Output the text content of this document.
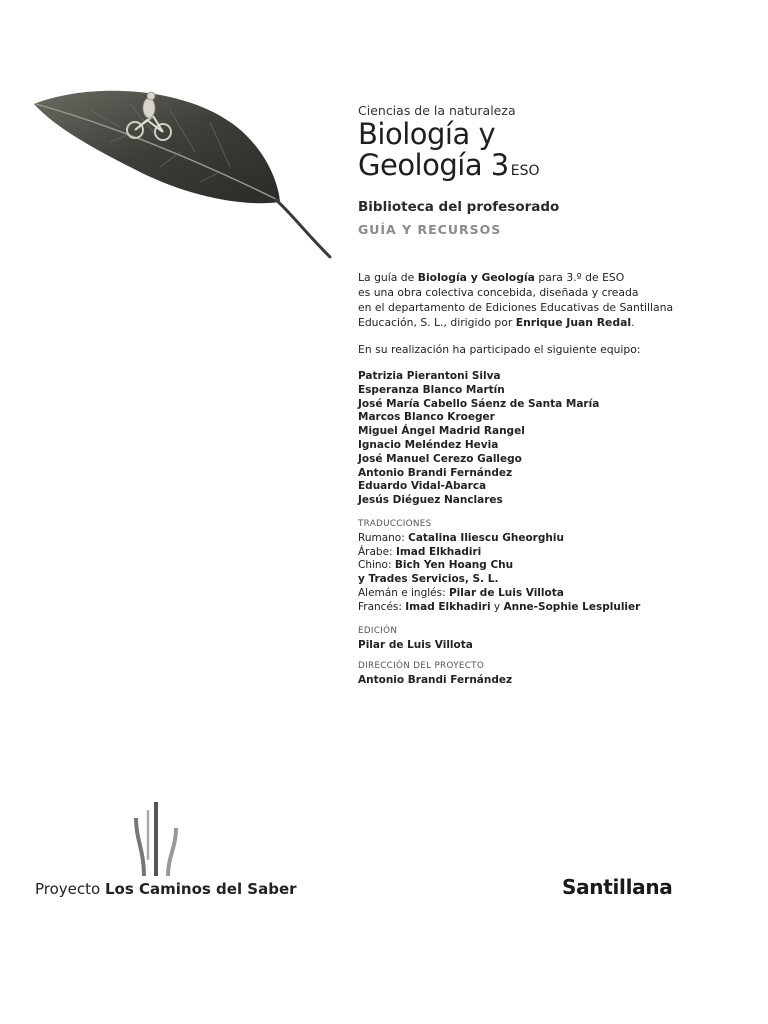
Ciencias de la naturaleza
Biología y
Geología 3 ESO
Biblioteca del profesorado
GUÍA Y RECURSOS
La guía de Biología y Geología para 3.º de ESO
es una obra colectiva concebida, diseñada y creada
en el departamento de Ediciones Educativas de Santillana
Educación, S. L., dirigido por Enrique Juan Redal.
En su realización ha participado el siguiente equipo:
Patrizia Pierantoni Silva
Esperanza Blanco Martín
José María Cabello Sáenz de Santa María
Marcos Blanco Kroeger
Miguel Ángel Madrid Rangel
Ignacio Meléndez Hevia
José Manuel Cerezo Gallego
Antonio Brandi Fernández
Eduardo Vidal-Abarca
Jesús Diéguez Nanclares
TRADUCCIONES
Rumano: Catalina Iliescu Gheorghiu
Árabe: Imad Elkhadiri
Chino: Bich Yen Hoang Chu
y Trades Servicios, S. L.
Alemán e inglés: Pilar de Luis Villota
Francés: Imad Elkhadiri y Anne-Sophie Lesplulier
EDICIÓN
Pilar de Luis Villota
DIRECCIÓN DEL PROYECTO
Antonio Brandi Fernández
Proyecto Los Caminos del Saber	Santillana
